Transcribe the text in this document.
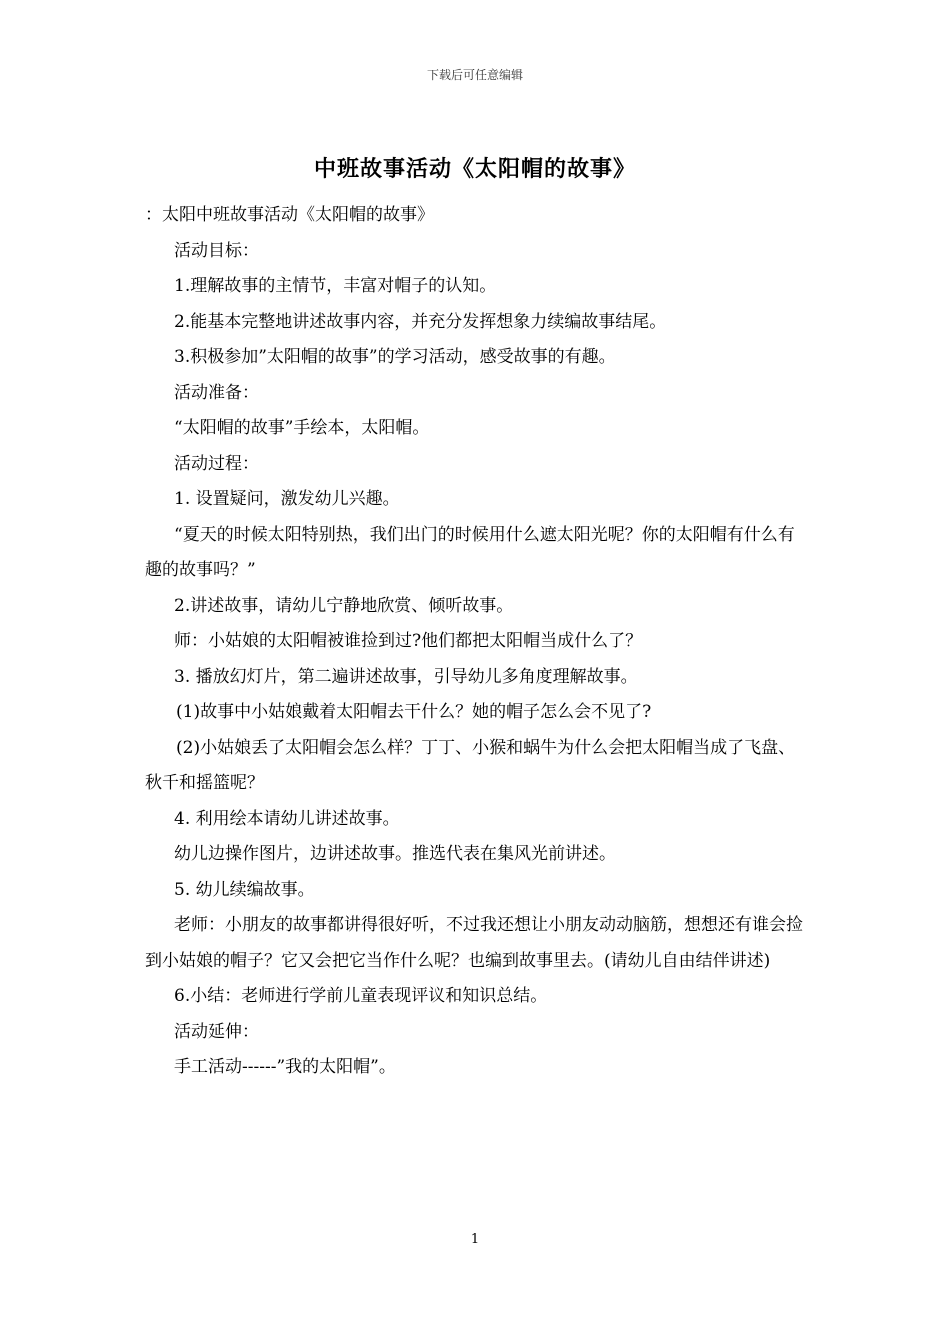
下载后可任意编辑
中班故事活动《太阳帽的故事》

：太阳中班故事活动《太阳帽的故事》

活动目标：

1.理解故事的主情节，丰富对帽子的认知。

2.能基本完整地讲述故事内容，并充分发挥想象力续编故事结尾。

3.积极参加”太阳帽的故事”的学习活动，感受故事的有趣。

活动准备：

“太阳帽的故事”手绘本，太阳帽。

活动过程：

1. 设置疑问，激发幼儿兴趣。

“夏天的时候太阳特别热，我们出门的时候用什么遮太阳光呢？你的太阳帽有什么有趣的故事吗？”

2.讲述故事，请幼儿宁静地欣赏、倾听故事。

师：小姑娘的太阳帽被谁捡到过?他们都把太阳帽当成什么了？

3. 播放幻灯片，第二遍讲述故事，引导幼儿多角度理解故事。

(1)故事中小姑娘戴着太阳帽去干什么？她的帽子怎么会不见了?

(2)小姑娘丢了太阳帽会怎么样？丁丁、小猴和蜗牛为什么会把太阳帽当成了飞盘、秋千和摇篮呢？

4. 利用绘本请幼儿讲述故事。

幼儿边操作图片，边讲述故事。推选代表在集风光前讲述。

5. 幼儿续编故事。

老师：小朋友的故事都讲得很好听，不过我还想让小朋友动动脑筋，想想还有谁会捡到小姑娘的帽子？它又会把它当作什么呢？也编到故事里去。(请幼儿自由结伴讲述)

6.小结：老师进行学前儿童表现评议和知识总结。

活动延伸：

手工活动------”我的太阳帽”。

1
